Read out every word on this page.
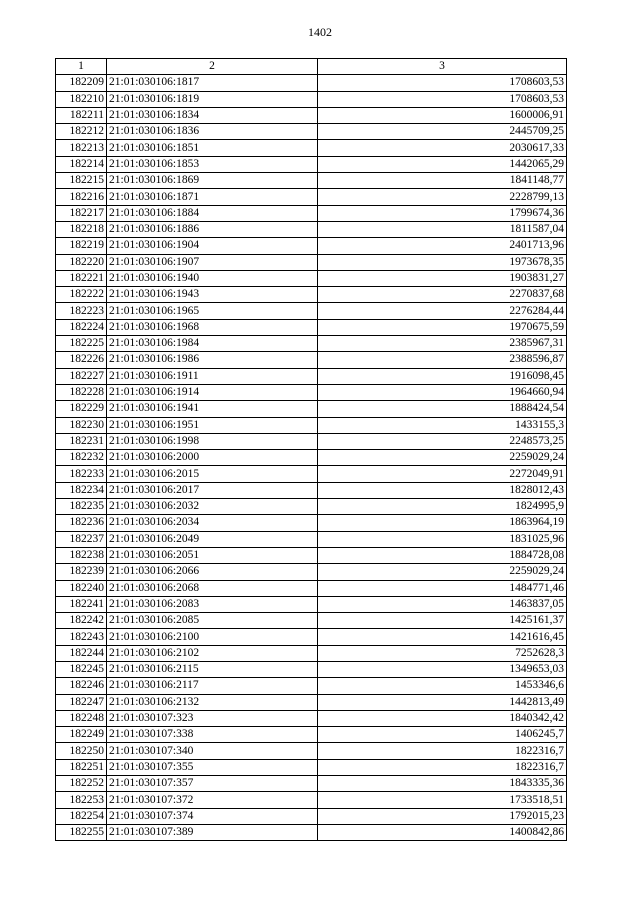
1402
1	2	3
182209	21:01:030106:1817	1708603,53
182210	21:01:030106:1819	1708603,53
182211	21:01:030106:1834	1600006,91
182212	21:01:030106:1836	2445709,25
182213	21:01:030106:1851	2030617,33
182214	21:01:030106:1853	1442065,29
182215	21:01:030106:1869	1841148,77
182216	21:01:030106:1871	2228799,13
182217	21:01:030106:1884	1799674,36
182218	21:01:030106:1886	1811587,04
182219	21:01:030106:1904	2401713,96
182220	21:01:030106:1907	1973678,35
182221	21:01:030106:1940	1903831,27
182222	21:01:030106:1943	2270837,68
182223	21:01:030106:1965	2276284,44
182224	21:01:030106:1968	1970675,59
182225	21:01:030106:1984	2385967,31
182226	21:01:030106:1986	2388596,87
182227	21:01:030106:1911	1916098,45
182228	21:01:030106:1914	1964660,94
182229	21:01:030106:1941	1888424,54
182230	21:01:030106:1951	1433155,3
182231	21:01:030106:1998	2248573,25
182232	21:01:030106:2000	2259029,24
182233	21:01:030106:2015	2272049,91
182234	21:01:030106:2017	1828012,43
182235	21:01:030106:2032	1824995,9
182236	21:01:030106:2034	1863964,19
182237	21:01:030106:2049	1831025,96
182238	21:01:030106:2051	1884728,08
182239	21:01:030106:2066	2259029,24
182240	21:01:030106:2068	1484771,46
182241	21:01:030106:2083	1463837,05
182242	21:01:030106:2085	1425161,37
182243	21:01:030106:2100	1421616,45
182244	21:01:030106:2102	7252628,3
182245	21:01:030106:2115	1349653,03
182246	21:01:030106:2117	1453346,6
182247	21:01:030106:2132	1442813,49
182248	21:01:030107:323	1840342,42
182249	21:01:030107:338	1406245,7
182250	21:01:030107:340	1822316,7
182251	21:01:030107:355	1822316,7
182252	21:01:030107:357	1843335,36
182253	21:01:030107:372	1733518,51
182254	21:01:030107:374	1792015,23
182255	21:01:030107:389	1400842,86
